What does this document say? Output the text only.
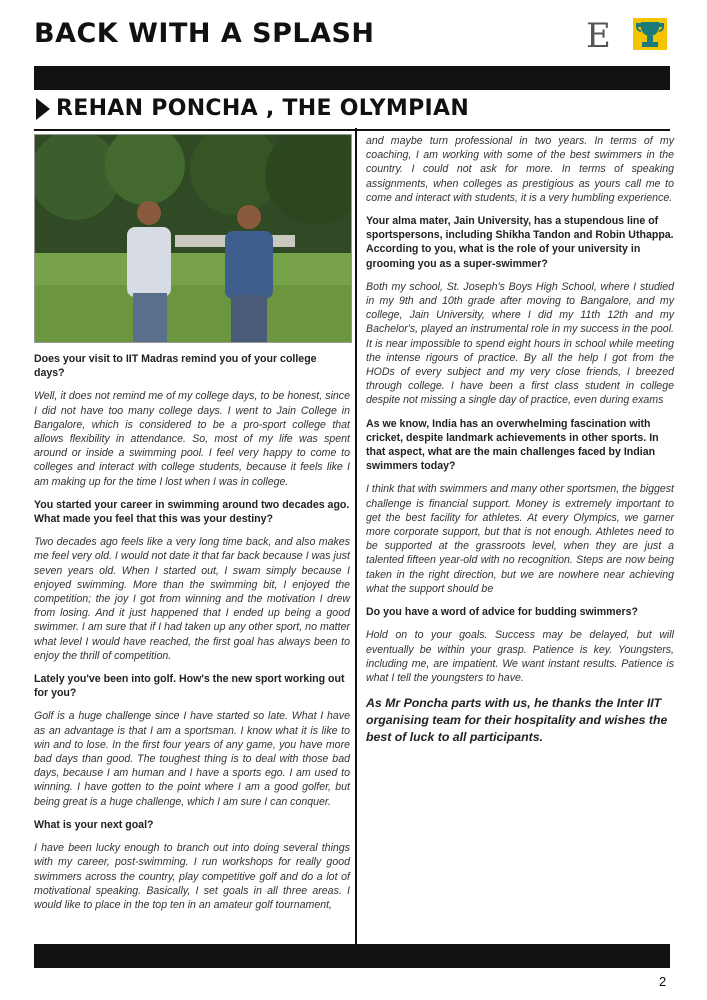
BACK WITH A SPLASH	E
REHAN PONCHA , THE OLYMPIAN

Does your visit to IIT Madras remind you of your college days?

Well, it does not remind me of my college days, to be honest, since I did not have too many college days. I went to Jain College in Bangalore, which is considered to be a pro-sport college that allows flexibility in attendance. So, most of my life was spent around or inside a swimming pool. I feel very happy to come to colleges and interact with college students, because it feels like I am making up for the time I lost when I was in college.

You started your career in swimming around two decades ago. What made you feel that this was your destiny?

Two decades ago feels like a very long time back, and also makes me feel very old. I would not date it that far back because I was just seven years old. When I started out, I swam simply because I enjoyed swimming. More than the swimming bit, I enjoyed the competition; the joy I got from winning and the motivation I drew from losing. And it just happened that I ended up being a good swimmer. I am sure that if I had taken up any other sport, no matter what level I would have reached, the first goal has always been to enjoy the thrill of competition.

Lately you've been into golf. How's the new sport working out for you?

Golf is a huge challenge since I have started so late. What I have as an advantage is that I am a sportsman. I know what it is like to win and to lose. In the first four years of any game, you have more bad days than good. The toughest thing is to deal with those bad days, because I am human and I have a sports ego. I am used to winning. I have gotten to the point where I am a good golfer, but being great is a huge challenge, which I am sure I can conquer.

What is your next goal?

I have been lucky enough to branch out into doing several things with my career, post-swimming. I run workshops for really good swimmers across the country, play competitive golf and do a lot of motivational speaking. Basically, I set goals in all three areas. I would like to place in the top ten in an amateur golf tournament,

and maybe turn professional in two years. In terms of my coaching, I am working with some of the best swimmers in the country. I could not ask for more. In terms of speaking assignments, when colleges as prestigious as yours call me to come and interact with students, it is a very humbling experience.

Your alma mater, Jain University, has a stupendous line of sportspersons, including Shikha Tandon and Robin Uthappa. According to you, what is the role of your university in grooming you as a super-swimmer?

Both my school, St. Joseph's Boys High School, where I studied in my 9th and 10th grade after moving to Bangalore, and my college, Jain University, where I did my 11th 12th and my Bachelor's, played an instrumental role in my success in the pool. It is near impossible to spend eight hours in school while meeting the intense rigours of practice. By all the help I got from the HODs of every subject and my very close friends, I breezed through college. I have been a first class student in college despite not missing a single day of practice, even during exams

As we know, India has an overwhelming fascination with cricket, despite landmark achievements in other sports. In that aspect, what are the main challenges faced by Indian swimmers today?

I think that with swimmers and many other sportsmen, the biggest challenge is financial support. Money is extremely important to get the best facility for athletes. At every Olympics, we garner more corporate support, but that is not enough. Athletes need to be supported at the grassroots level, when they are just a talented fifteen year-old with no recognition. Steps are now being taken in the right direction, but we are nowhere near achieving what the support should be

Do you have a word of advice for budding swimmers?

Hold on to your goals. Success may be delayed, but will eventually be within your grasp. Patience is key. Youngsters, including me, are impatient. We want instant results. Patience is what I tell the youngsters to have.

As Mr Poncha parts with us, he thanks the Inter IIT organising team for their hospitality and wishes the best of luck to all participants.

2
